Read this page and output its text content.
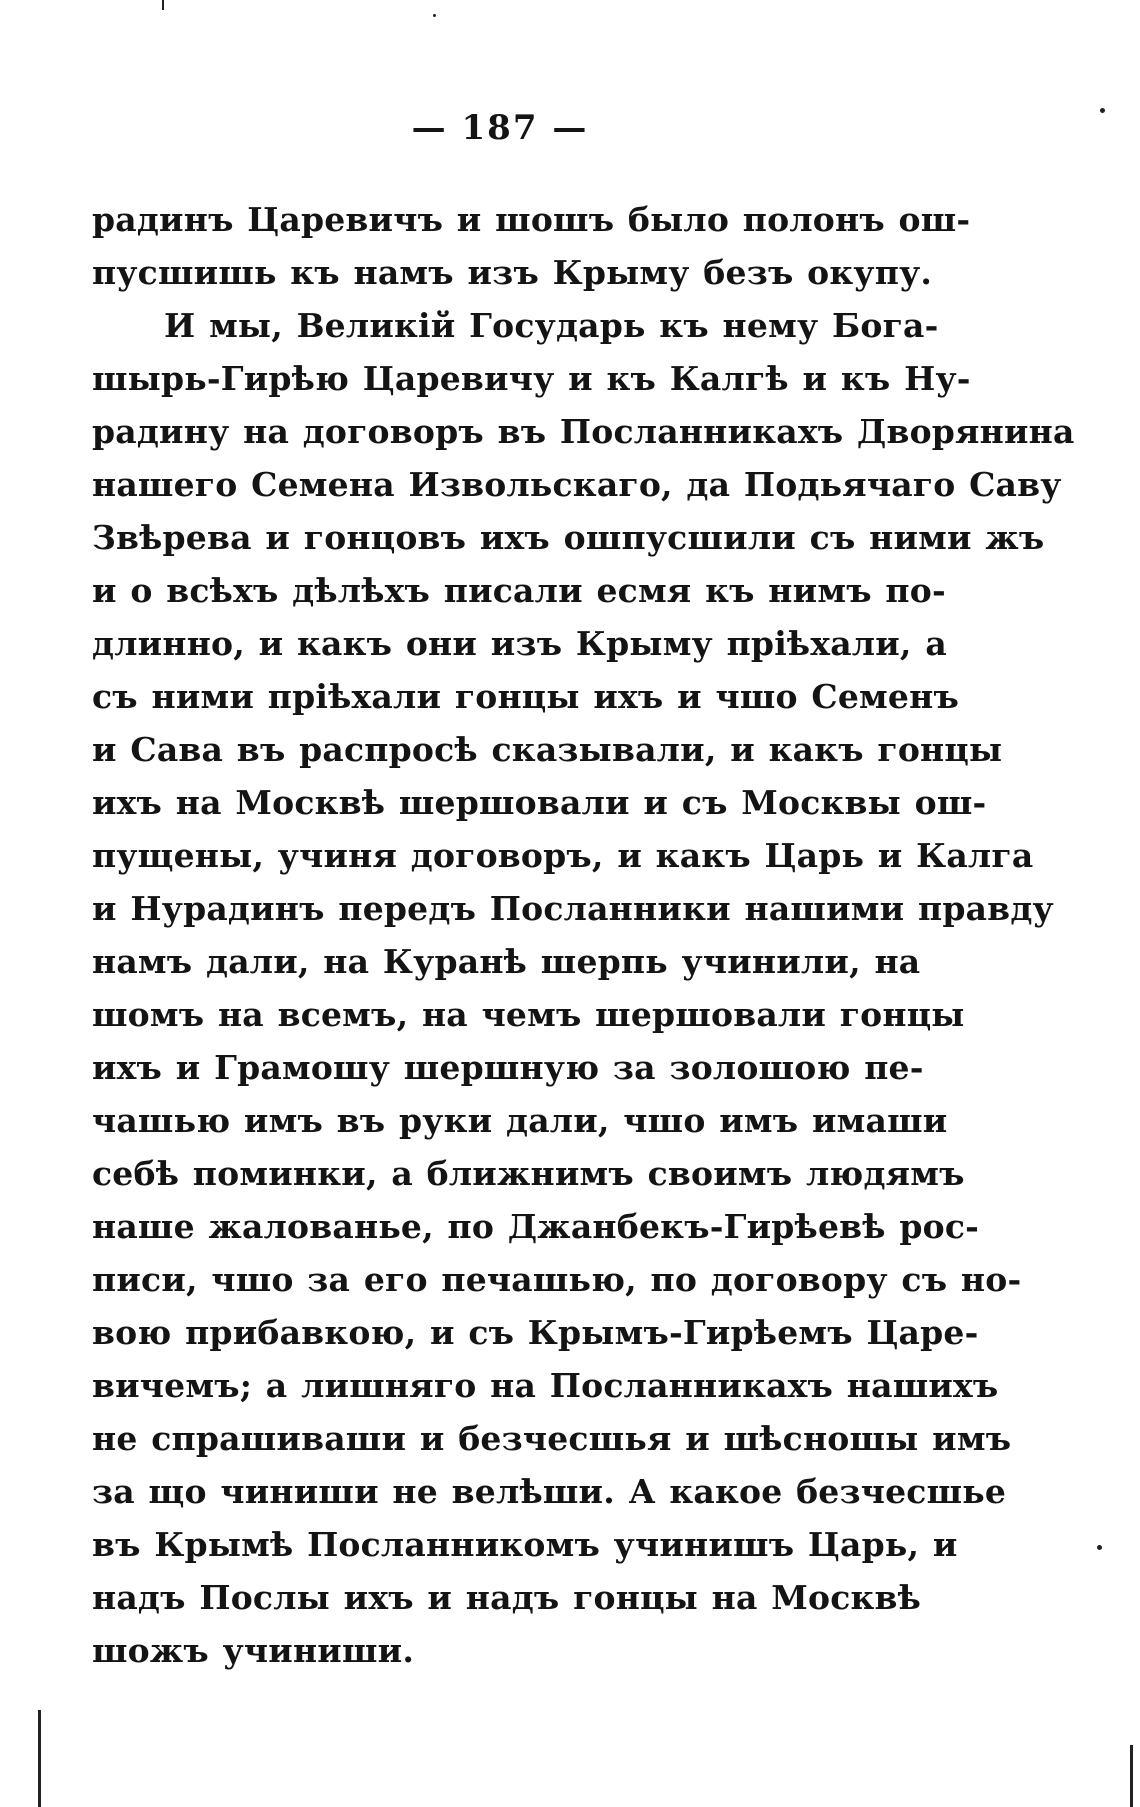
— 187 —
радинъ Царевичъ и шошъ было полонъ ош-
пусшишь къ намъ изъ Крыму безъ окупу.
И мы, Великій Государь къ нему Бога-
шырь-Гирѣю Царевичу и къ Калгѣ и къ Ну-
радину на договоръ въ Посланникахъ Дворянина
нашего Семена Извольскаго, да Подьячаго Саву
Звѣрева и гонцовъ ихъ ошпусшили съ ними жъ
и о всѣхъ дѣлѣхъ писали есмя къ нимъ по-
длинно, и какъ они изъ Крыму пріѣхали, а
съ ними пріѣхали гонцы ихъ и чшо Семенъ
и Сава въ распросѣ сказывали, и какъ гонцы
ихъ на Москвѣ шершовали и съ Москвы ош-
пущены, учиня договоръ, и какъ Царь и Калга
и Нурадинъ передъ Посланники нашими правду
намъ дали, на Куранѣ шерпь учинили, на
шомъ на всемъ, на чемъ шершовали гонцы
ихъ и Грамошу шершную за золошою пе-
чашью имъ въ руки дали, чшо имъ имаши
себѣ поминки, а ближнимъ своимъ людямъ
наше жалованье, по Джанбекъ-Гирѣевѣ рос-
писи, чшо за его печашью, по договору съ но-
вою прибавкою, и съ Крымъ-Гирѣемъ Царе-
вичемъ; а лишняго на Посланникахъ нашихъ
не спрашиваши и безчесшья и шѣсношы имъ
за що чиниши не велѣши. А какое безчесшье
въ Крымѣ Посланникомъ учинишъ Царь, и
надъ Послы ихъ и надъ гонцы на Москвѣ
шожъ учиниши.
